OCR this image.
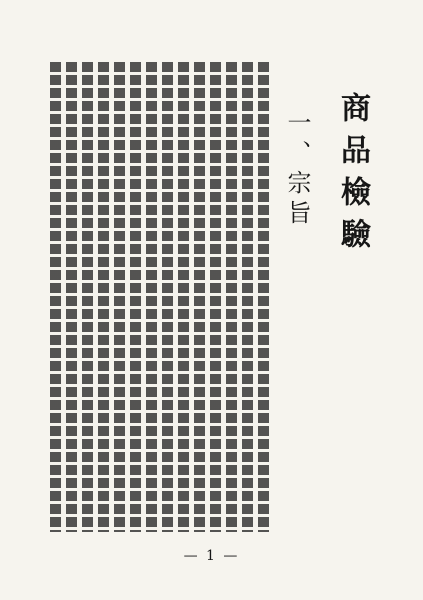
商品檢驗
一、宗旨
— 1 —
